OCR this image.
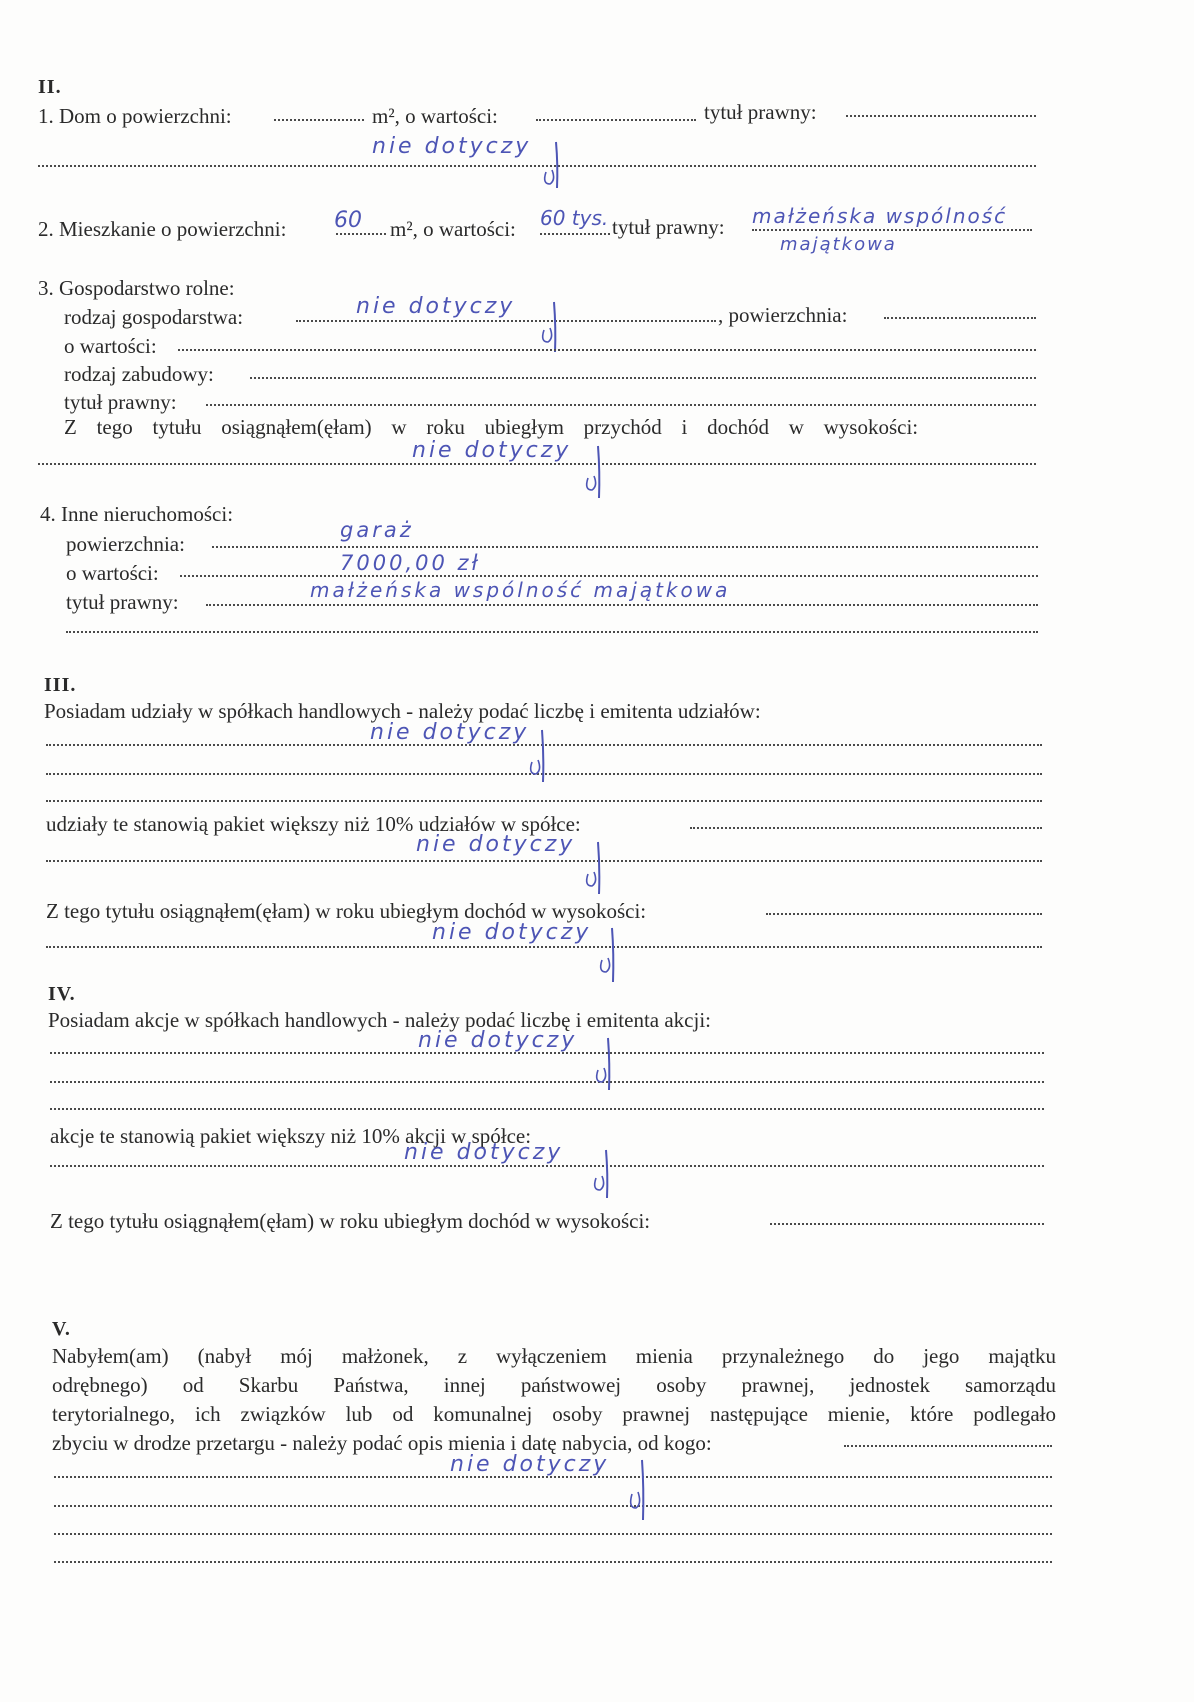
II.
1. Dom o powierzchni:	m², o wartości:	tytuł prawny:
nie dotyczy
2. Mieszkanie o powierzchni: 60 m², o wartości: 60 tys. tytuł prawny: małżeńska wspólność
majątkowa
3. Gospodarstwo rolne:
rodzaj gospodarstwa:	nie dotyczy	, powierzchnia:
o wartości:
rodzaj zabudowy:
tytuł prawny:
Z tego tytułu osiągnąłem(ęłam) w roku ubiegłym przychód i dochód w wysokości:
nie dotyczy
4. Inne nieruchomości:
powierzchnia:
garaż
o wartości:	7000,00 zł
tytuł prawny:	małżeńska wspólność majątkowa
III.
Posiadam udziały w spółkach handlowych - należy podać liczbę i emitenta udziałów:
nie dotyczy
udziały te stanowią pakiet większy niż 10% udziałów w spółce:
nie dotyczy
Z tego tytułu osiągnąłem(ęłam) w roku ubiegłym dochód w wysokości:
nie dotyczy
IV.
Posiadam akcje w spółkach handlowych - należy podać liczbę i emitenta akcji:
nie dotyczy
akcje te stanowią pakiet większy niż 10% akcji w spółce:
nie dotyczy
Z tego tytułu osiągnąłem(ęłam) w roku ubiegłym dochód w wysokości:
V.
Nabyłem(am) (nabył mój małżonek, z wyłączeniem mienia przynależnego do jego majątku
odrębnego) od Skarbu Państwa, innej państwowej osoby prawnej, jednostek samorządu
terytorialnego, ich związków lub od komunalnej osoby prawnej następujące mienie, które podlegało
zbyciu w drodze przetargu - należy podać opis mienia i datę nabycia, od kogo:
nie dotyczy
